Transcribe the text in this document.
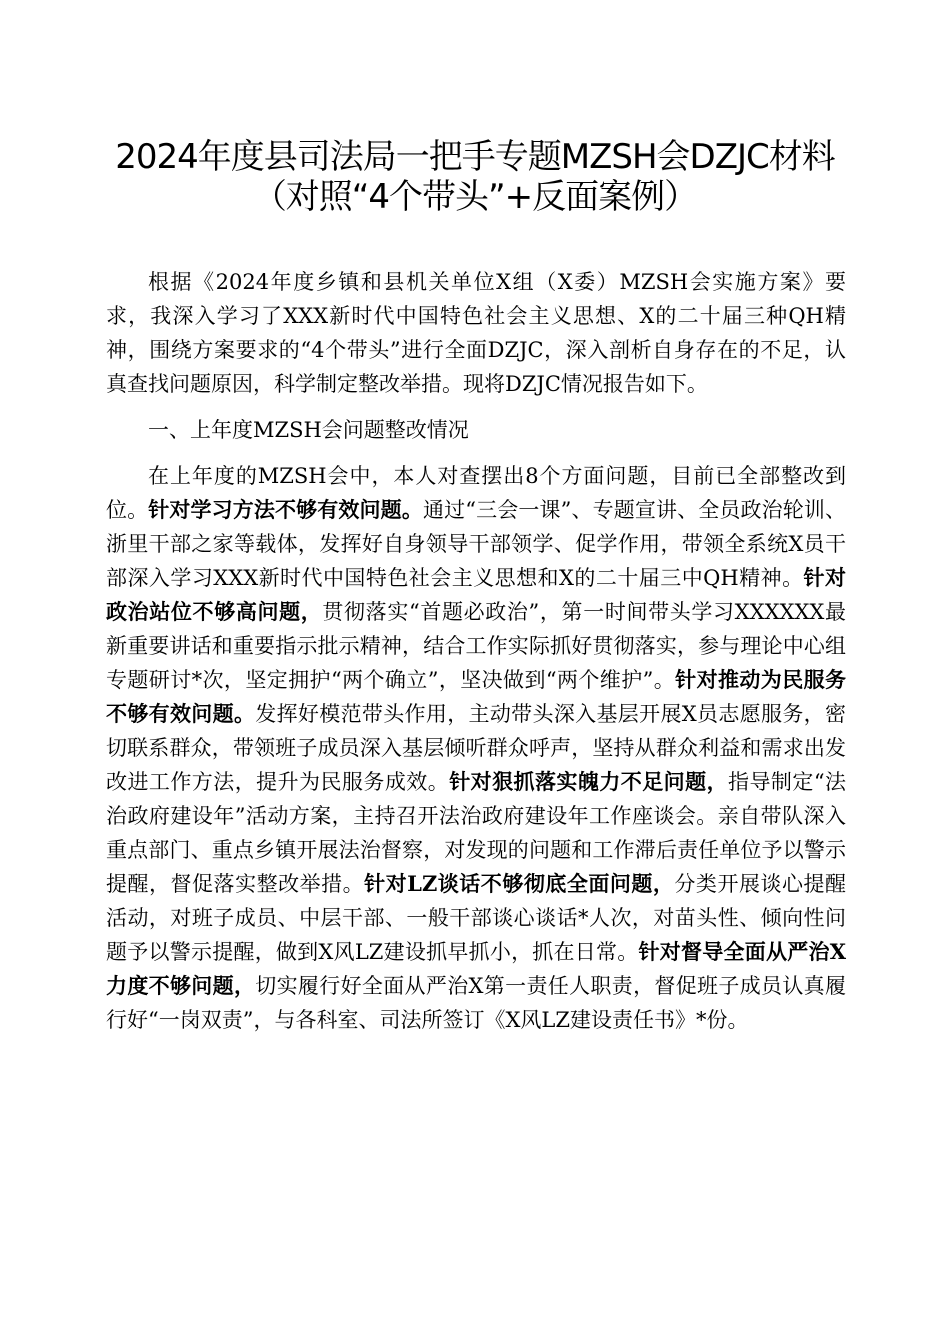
2024年度县司法局一把手专题MZSH会DZJC材料
（对照“4个带头”+反面案例）

根据《2024年度乡镇和县机关单位X组（X委）MZSH会实施方案》要求，我深入学习了XXX新时代中国特色社会主义思想、X的二十届三种QH精神，围绕方案要求的“4个带头”进行全面DZJC，深入剖析自身存在的不足，认真查找问题原因，科学制定整改举措。现将DZJC情况报告如下。

一、上年度MZSH会问题整改情况

在上年度的MZSH会中，本人对查摆出8个方面问题，目前已全部整改到位。针对学习方法不够有效问题。通过“三会一课”、专题宣讲、全员政治轮训、浙里干部之家等载体，发挥好自身领导干部领学、促学作用，带领全系统X员干部深入学习XXX新时代中国特色社会主义思想和X的二十届三中QH精神。针对政治站位不够高问题，贯彻落实“首题必政治”，第一时间带头学习XXXXXX最新重要讲话和重要指示批示精神，结合工作实际抓好贯彻落实，参与理论中心组专题研讨*次，坚定拥护“两个确立”，坚决做到“两个维护”。针对推动为民服务不够有效问题。发挥好模范带头作用，主动带头深入基层开展X员志愿服务，密切联系群众，带领班子成员深入基层倾听群众呼声，坚持从群众利益和需求出发改进工作方法，提升为民服务成效。针对狠抓落实魄力不足问题，指导制定“法治政府建设年”活动方案，主持召开法治政府建设年工作座谈会。亲自带队深入重点部门、重点乡镇开展法治督察，对发现的问题和工作滞后责任单位予以警示提醒，督促落实整改举措。针对LZ谈话不够彻底全面问题，分类开展谈心提醒活动，对班子成员、中层干部、一般干部谈心谈话*人次，对苗头性、倾向性问题予以警示提醒，做到X风LZ建设抓早抓小，抓在日常。针对督导全面从严治X力度不够问题，切实履行好全面从严治X第一责任人职责，督促班子成员认真履行好“一岗双责”，与各科室、司法所签订《X风LZ建设责任书》*份。
